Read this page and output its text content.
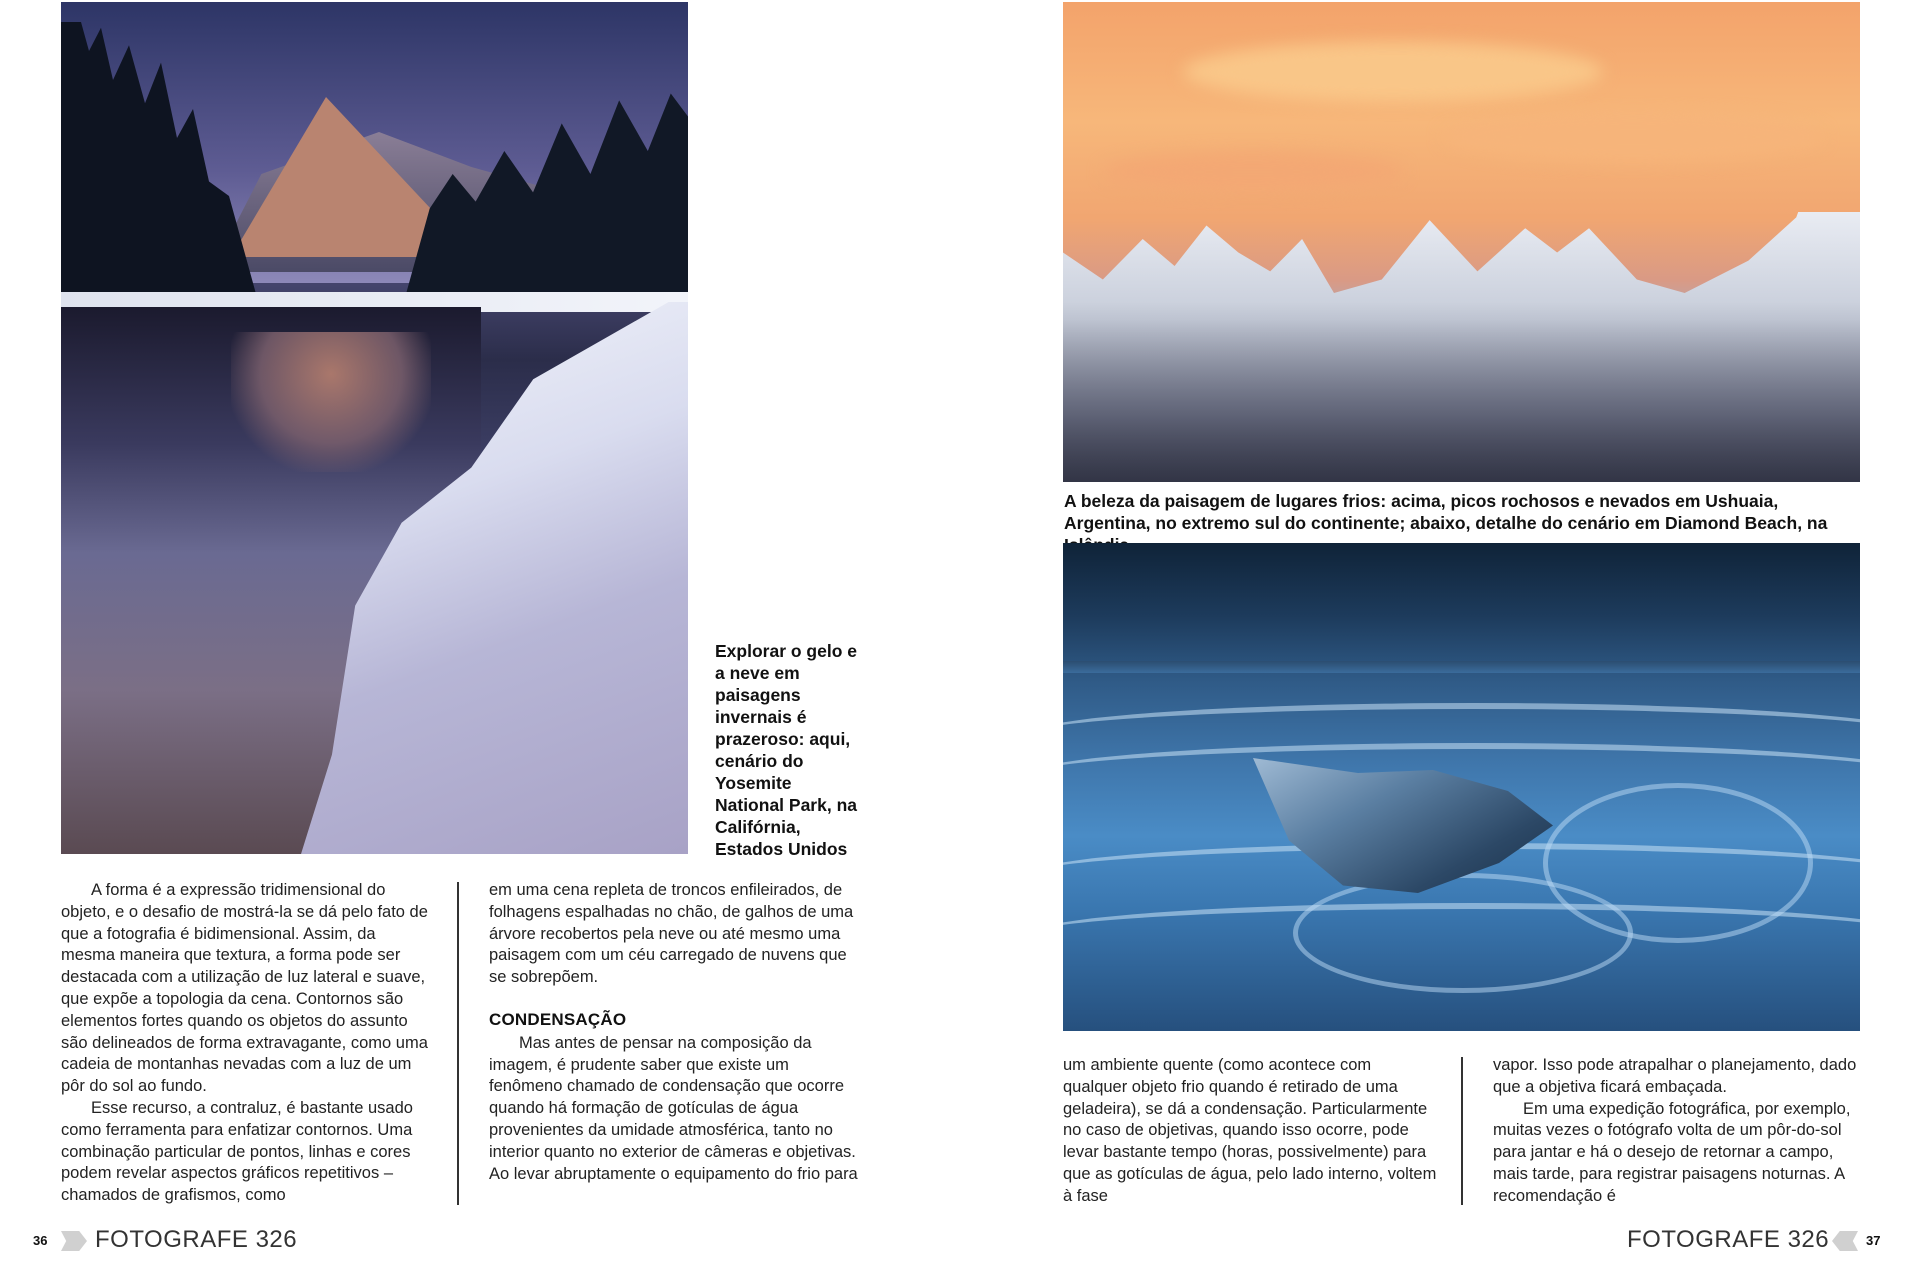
Explorar o gelo e a neve em paisagens invernais é prazeroso: aqui, cenário do Yosemite National Park, na Califórnia, Estados Unidos
A beleza da paisagem de lugares frios: acima, picos rochosos e nevados em Ushuaia, Argentina, no extremo sul do continente; abaixo, detalhe do cenário em Diamond Beach, na

A forma é a expressão tridimensional do objeto, e o desafio de mostrá-la se dá pelo fato de que a fotografia é bidimensional. Assim, da mesma maneira que textura, a forma pode ser destacada com a utilização de luz lateral e suave, que expõe a topologia da cena. Contornos são elementos fortes quando os objetos do assunto são delineados de forma extravagante, como uma cadeia de montanhas nevadas com a luz de um pôr do sol ao fundo.

Esse recurso, a contraluz, é bastante usado como ferramenta para enfatizar contornos. Uma combinação particular de pontos, linhas e cores podem revelar aspectos gráficos repetitivos – chamados de grafismos, como

em uma cena repleta de troncos enfileirados, de folhagens espalhadas no chão, de galhos de uma árvore recobertos pela neve ou até mesmo uma paisagem com um céu carregado de nuvens que se sobrepõem.

CONDENSAÇÃO

Mas antes de pensar na composição da imagem, é prudente saber que existe um fenômeno chamado de condensação que ocorre quando há formação de gotículas de água provenientes da umidade atmosférica, tanto no interior quanto no exterior de câmeras e objetivas. Ao levar abruptamente o equipamento do frio para

um ambiente quente (como acontece com qualquer objeto frio quando é retirado de uma geladeira), se dá a condensação. Particularmente no caso de objetivas, quando isso ocorre, pode levar bastante tempo (horas, possivelmente) para que as gotículas de água, pelo lado interno, voltem à fase

vapor. Isso pode atrapalhar o planejamento, dado que a objetiva ficará embaçada.

Em uma expedição fotográfica, por exemplo, muitas vezes o fotógrafo volta de um pôr-do-sol para jantar e há o desejo de retornar a campo, mais tarde, para registrar paisagens noturnas. A recomendação é

36 FOTOGRAFE 326	FOTOGRAFE 326	37
